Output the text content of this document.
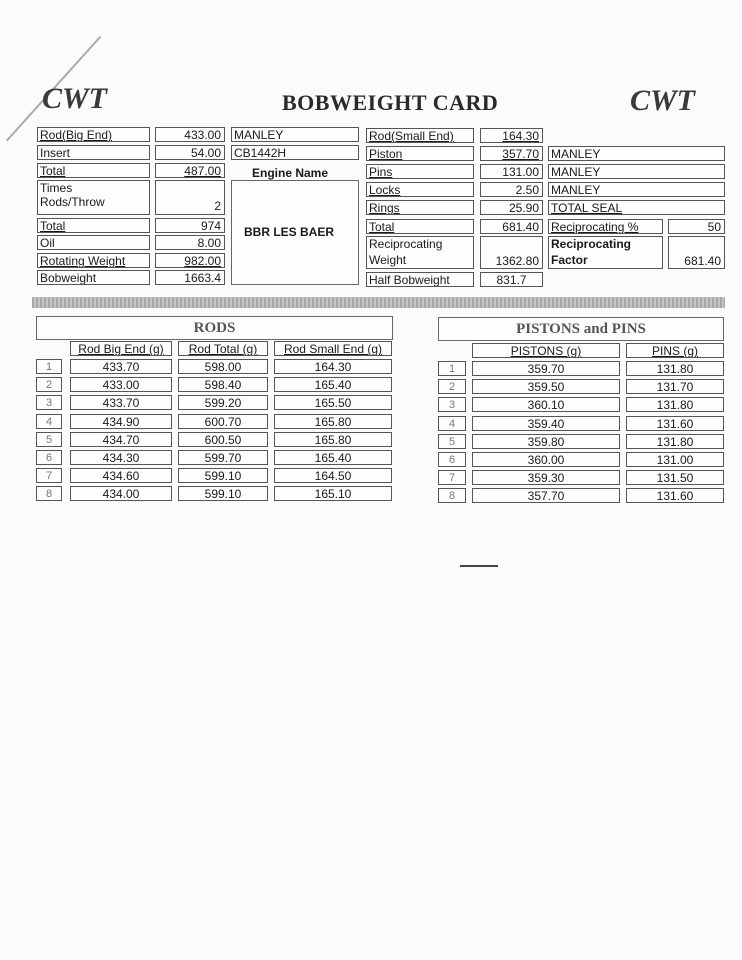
CWT	BOBWEIGHT CARD	CWT
Rod(Big End)	433.00	MANLEY
Insert	54.00	CB1442H
Total	487.00	Engine Name
Times
Rods/Throw	2
BBR LES BAER
Total	974
Oil	8.00
Rotating Weight	982.00
Bobweight	1663.4
Rod(Small End)	164.30
Piston	357.70	MANLEY
Pins	131.00	MANLEY
Locks	2.50	MANLEY
Rings	25.90	TOTAL SEAL
Total	681.40	Reciprocating %	50
Reciprocating
Weight	1362.80
Reciprocating
Factor	681.40
Half Bobweight	831.7
RODS
Rod Big End (g)	Rod Total (g)	Rod Small End (g)
1	433.70	598.00	164.30
2	433.00	598.40	165.40
3	433.70	599.20	165.50
4	434.90	600.70	165.80
5	434.70	600.50	165.80
6	434.30	599.70	165.40
7	434.60	599.10	164.50
8	434.00	599.10	165.10
PISTONS and PINS
PISTONS (g)	PINS (g)
1	359.70	131.80
2	359.50	131.70
3	360.10	131.80
4	359.40	131.60
5	359.80	131.80
6	360.00	131.00
7	359.30	131.50
8	357.70	131.60
